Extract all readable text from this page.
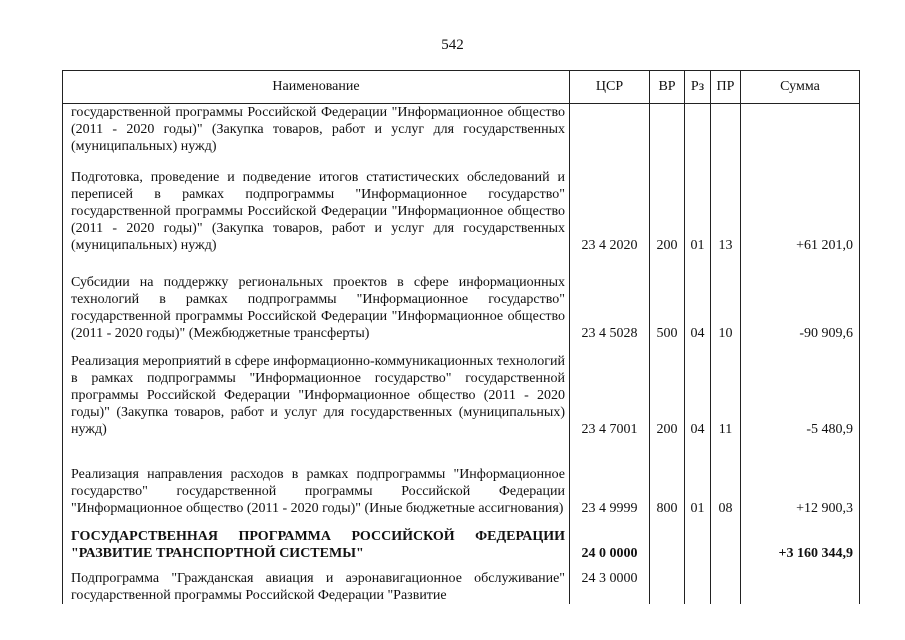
542
Наименование	ЦСР	ВР	Рз	ПР	Сумма
государственной программы Российской Федерации "Информационное общество (2011 - 2020 годы)" (Закупка товаров, работ и услуг для государственных (муниципальных) нужд)					
Подготовка, проведение и подведение итогов статистических обследований и переписей в рамках подпрограммы "Информационное государство" государственной программы Российской Федерации "Информационное общество (2011 - 2020 годы)" (Закупка товаров, работ и услуг для государственных (муниципальных) нужд)	23 4 2020	200	01	13	+61 201,0
Субсидии на поддержку региональных проектов в сфере информационных технологий в рамках подпрограммы "Информационное государство" государственной программы Российской Федерации "Информационное общество (2011 - 2020 годы)" (Межбюджетные трансферты)	23 4 5028	500	04	10	-90 909,6
Реализация мероприятий в сфере информационно-коммуникационных технологий в рамках подпрограммы "Информационное государство" государственной программы Российской Федерации "Информационное общество (2011 - 2020 годы)" (Закупка товаров, работ и услуг для государственных (муниципальных) нужд)	23 4 7001	200	04	11	-5 480,9
Реализация направления расходов в рамках подпрограммы "Информационное государство" государственной программы Российской Федерации "Информационное общество (2011 - 2020 годы)" (Иные бюджетные ассигнования)	23 4 9999	800	01	08	+12 900,3
ГОСУДАРСТВЕННАЯ ПРОГРАММА РОССИЙСКОЙ ФЕДЕРАЦИИ "РАЗВИТИЕ ТРАНСПОРТНОЙ СИСТЕМЫ"	24 0 0000				+3 160 344,9
Подпрограмма "Гражданская авиация и аэронавигационное обслуживание" государственной программы Российской Федерации "Развитие	24 3 0000				
